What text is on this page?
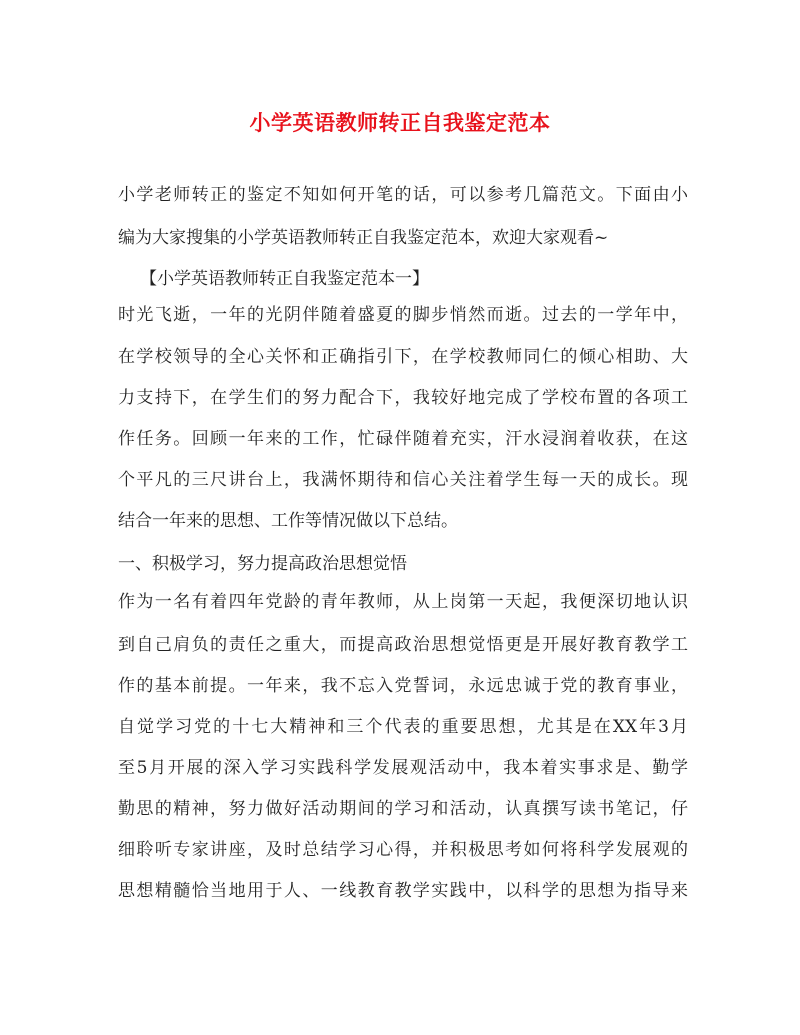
小学英语教师转正自我鉴定范本
小学老师转正的鉴定不知如何开笔的话，可以参考几篇范文。下面由小
编为大家搜集的小学英语教师转正自我鉴定范本，欢迎大家观看~
【小学英语教师转正自我鉴定范本一】
时光飞逝，一年的光阴伴随着盛夏的脚步悄然而逝。过去的一学年中，
在学校领导的全心关怀和正确指引下，在学校教师同仁的倾心相助、大
力支持下，在学生们的努力配合下，我较好地完成了学校布置的各项工
作任务。回顾一年来的工作，忙碌伴随着充实，汗水浸润着收获，在这
个平凡的三尺讲台上，我满怀期待和信心关注着学生每一天的成长。现
结合一年来的思想、工作等情况做以下总结。
一、积极学习，努力提高政治思想觉悟
作为一名有着四年党龄的青年教师，从上岗第一天起，我便深切地认识
到自己肩负的责任之重大，而提高政治思想觉悟更是开展好教育教学工
作的基本前提。一年来，我不忘入党誓词，永远忠诚于党的教育事业，
自觉学习党的十七大精神和三个代表的重要思想，尤其是在XX年3月
至5月开展的深入学习实践科学发展观活动中，我本着实事求是、勤学
勤思的精神，努力做好活动期间的学习和活动，认真撰写读书笔记，仔
细聆听专家讲座，及时总结学习心得，并积极思考如何将科学发展观的
思想精髓恰当地用于人、一线教育教学实践中，以科学的思想为指导来
